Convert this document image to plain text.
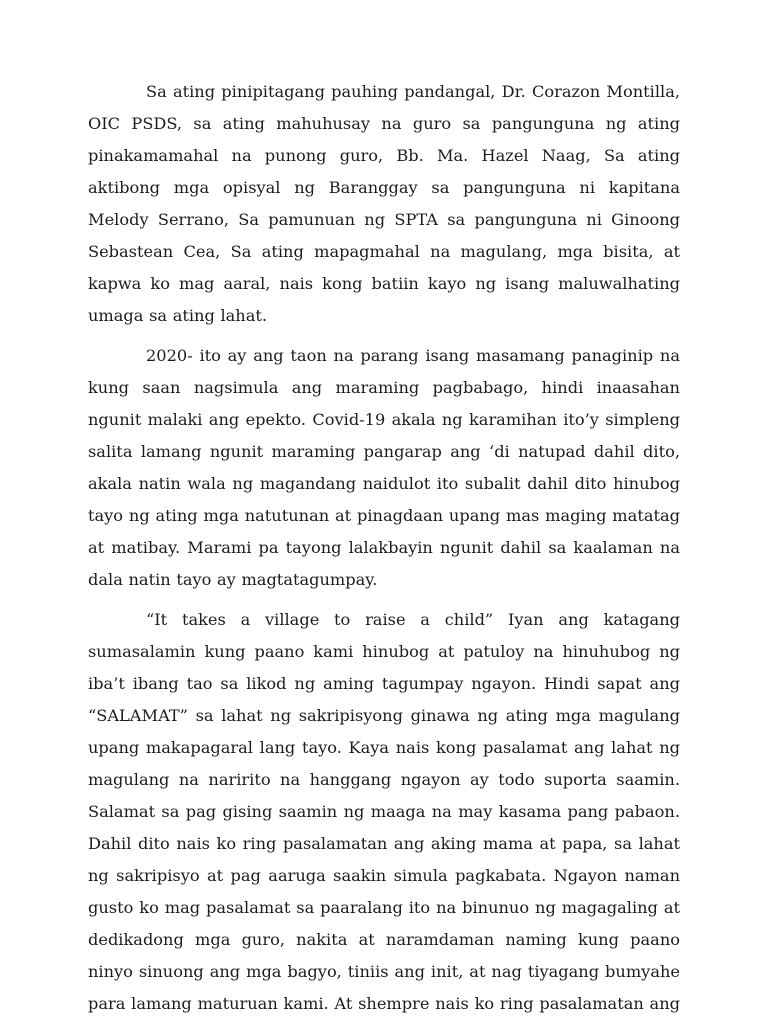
Sa ating pinipitagang pauhing pandangal, Dr. Corazon Montilla, OIC PSDS, sa ating mahuhusay na guro sa pangunguna ng ating pinakamamahal na punong guro, Bb. Ma. Hazel Naag, Sa ating aktibong mga opisyal ng Baranggay sa pangunguna ni kapitana Melody Serrano, Sa pamunuan ng SPTA sa pangunguna ni Ginoong Sebastean Cea, Sa ating mapagmahal na magulang, mga bisita, at kapwa ko mag aaral, nais kong batiin kayo ng isang maluwalhating umaga sa ating lahat.

2020- ito ay ang taon na parang isang masamang panaginip na kung saan nagsimula ang maraming pagbabago, hindi inaasahan ngunit malaki ang epekto. Covid-19 akala ng karamihan ito’y simpleng salita lamang ngunit maraming pangarap ang ‘di natupad dahil dito, akala natin wala ng magandang naidulot ito subalit dahil dito hinubog tayo ng ating mga natutunan at pinagdaan upang mas maging matatag at matibay. Marami pa tayong lalakbayin ngunit dahil sa kaalaman na dala natin tayo ay magtatagumpay.

“It takes a village to raise a child” Iyan ang katagang sumasalamin kung paano kami hinubog at patuloy na hinuhubog ng iba’t ibang tao sa likod ng aming tagumpay ngayon. Hindi sapat ang “SALAMAT” sa lahat ng sakripisyong ginawa ng ating mga magulang upang makapagaral lang tayo. Kaya nais kong pasalamat ang lahat ng magulang na naririto na hanggang ngayon ay todo suporta saamin. Salamat sa pag gising saamin ng maaga na may kasama pang pabaon. Dahil dito nais ko ring pasalamatan ang aking mama at papa, sa lahat ng sakripisyo at pag aaruga saakin simula pagkabata. Ngayon naman gusto ko mag pasalamat sa paaralang ito na binunuo ng magagaling at dedikadong mga guro, nakita at naramdaman naming kung paano ninyo sinuong ang mga bagyo, tiniis ang init, at nag tiyagang bumyahe para lamang maturuan kami. At shempre nais ko ring pasalamatan ang
